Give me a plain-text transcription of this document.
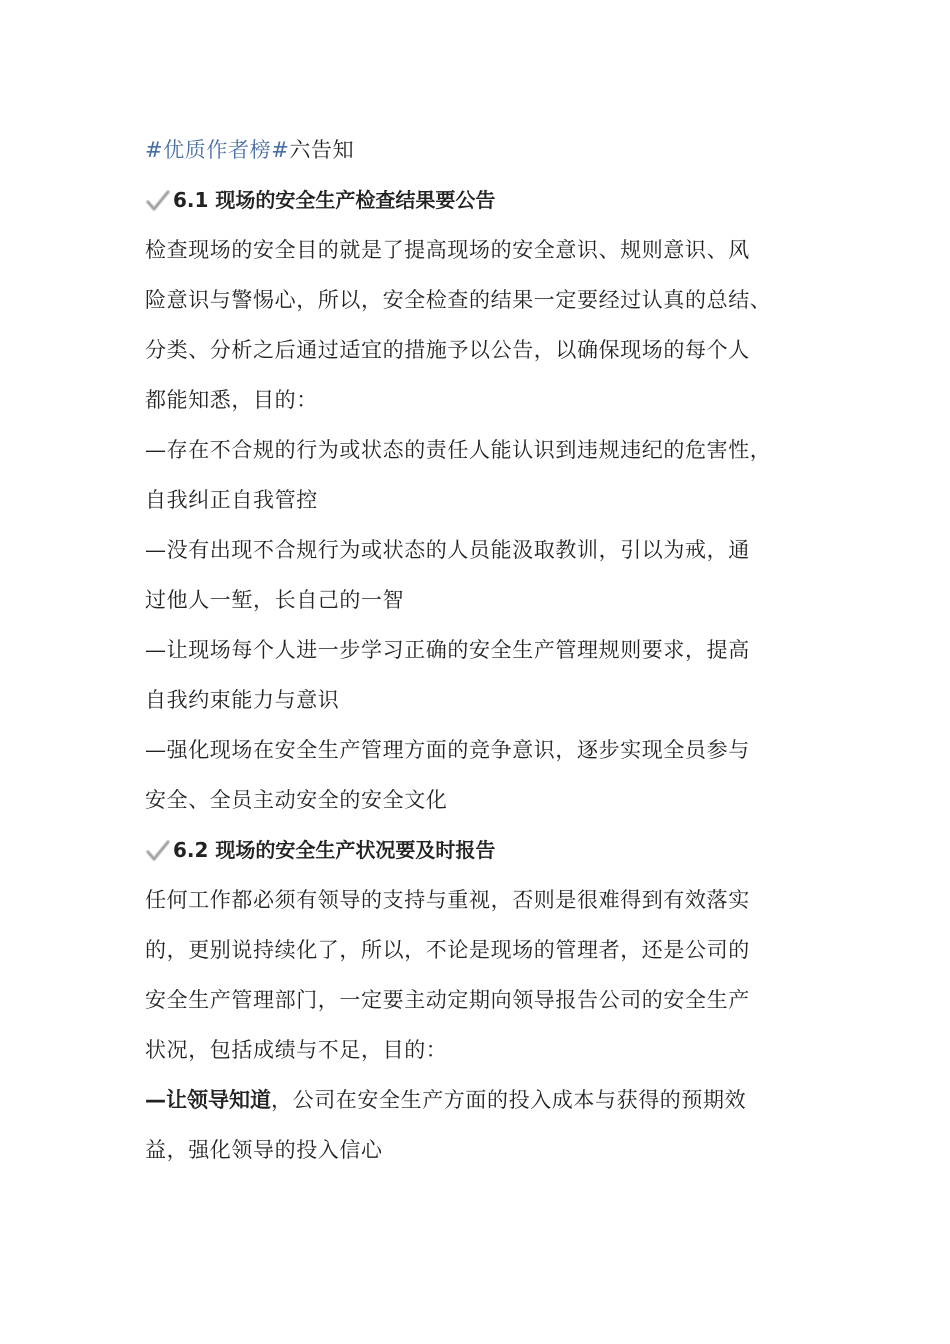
#优质作者榜#六告知
6.1 现场的安全生产检查结果要公告
检查现场的安全目的就是了提高现场的安全意识、规则意识、风
险意识与警惕心，所以，安全检查的结果一定要经过认真的总结、
分类、分析之后通过适宜的措施予以公告，以确保现场的每个人
都能知悉，目的：
—存在不合规的行为或状态的责任人能认识到违规违纪的危害性，
自我纠正自我管控
—没有出现不合规行为或状态的人员能汲取教训，引以为戒，通
过他人一堑，长自己的一智
—让现场每个人进一步学习正确的安全生产管理规则要求，提高
自我约束能力与意识
—强化现场在安全生产管理方面的竞争意识，逐步实现全员参与
安全、全员主动安全的安全文化
6.2 现场的安全生产状况要及时报告
任何工作都必须有领导的支持与重视，否则是很难得到有效落实
的，更别说持续化了，所以，不论是现场的管理者，还是公司的
安全生产管理部门，一定要主动定期向领导报告公司的安全生产
状况，包括成绩与不足，目的：
—让领导知道，公司在安全生产方面的投入成本与获得的预期效
益，强化领导的投入信心
